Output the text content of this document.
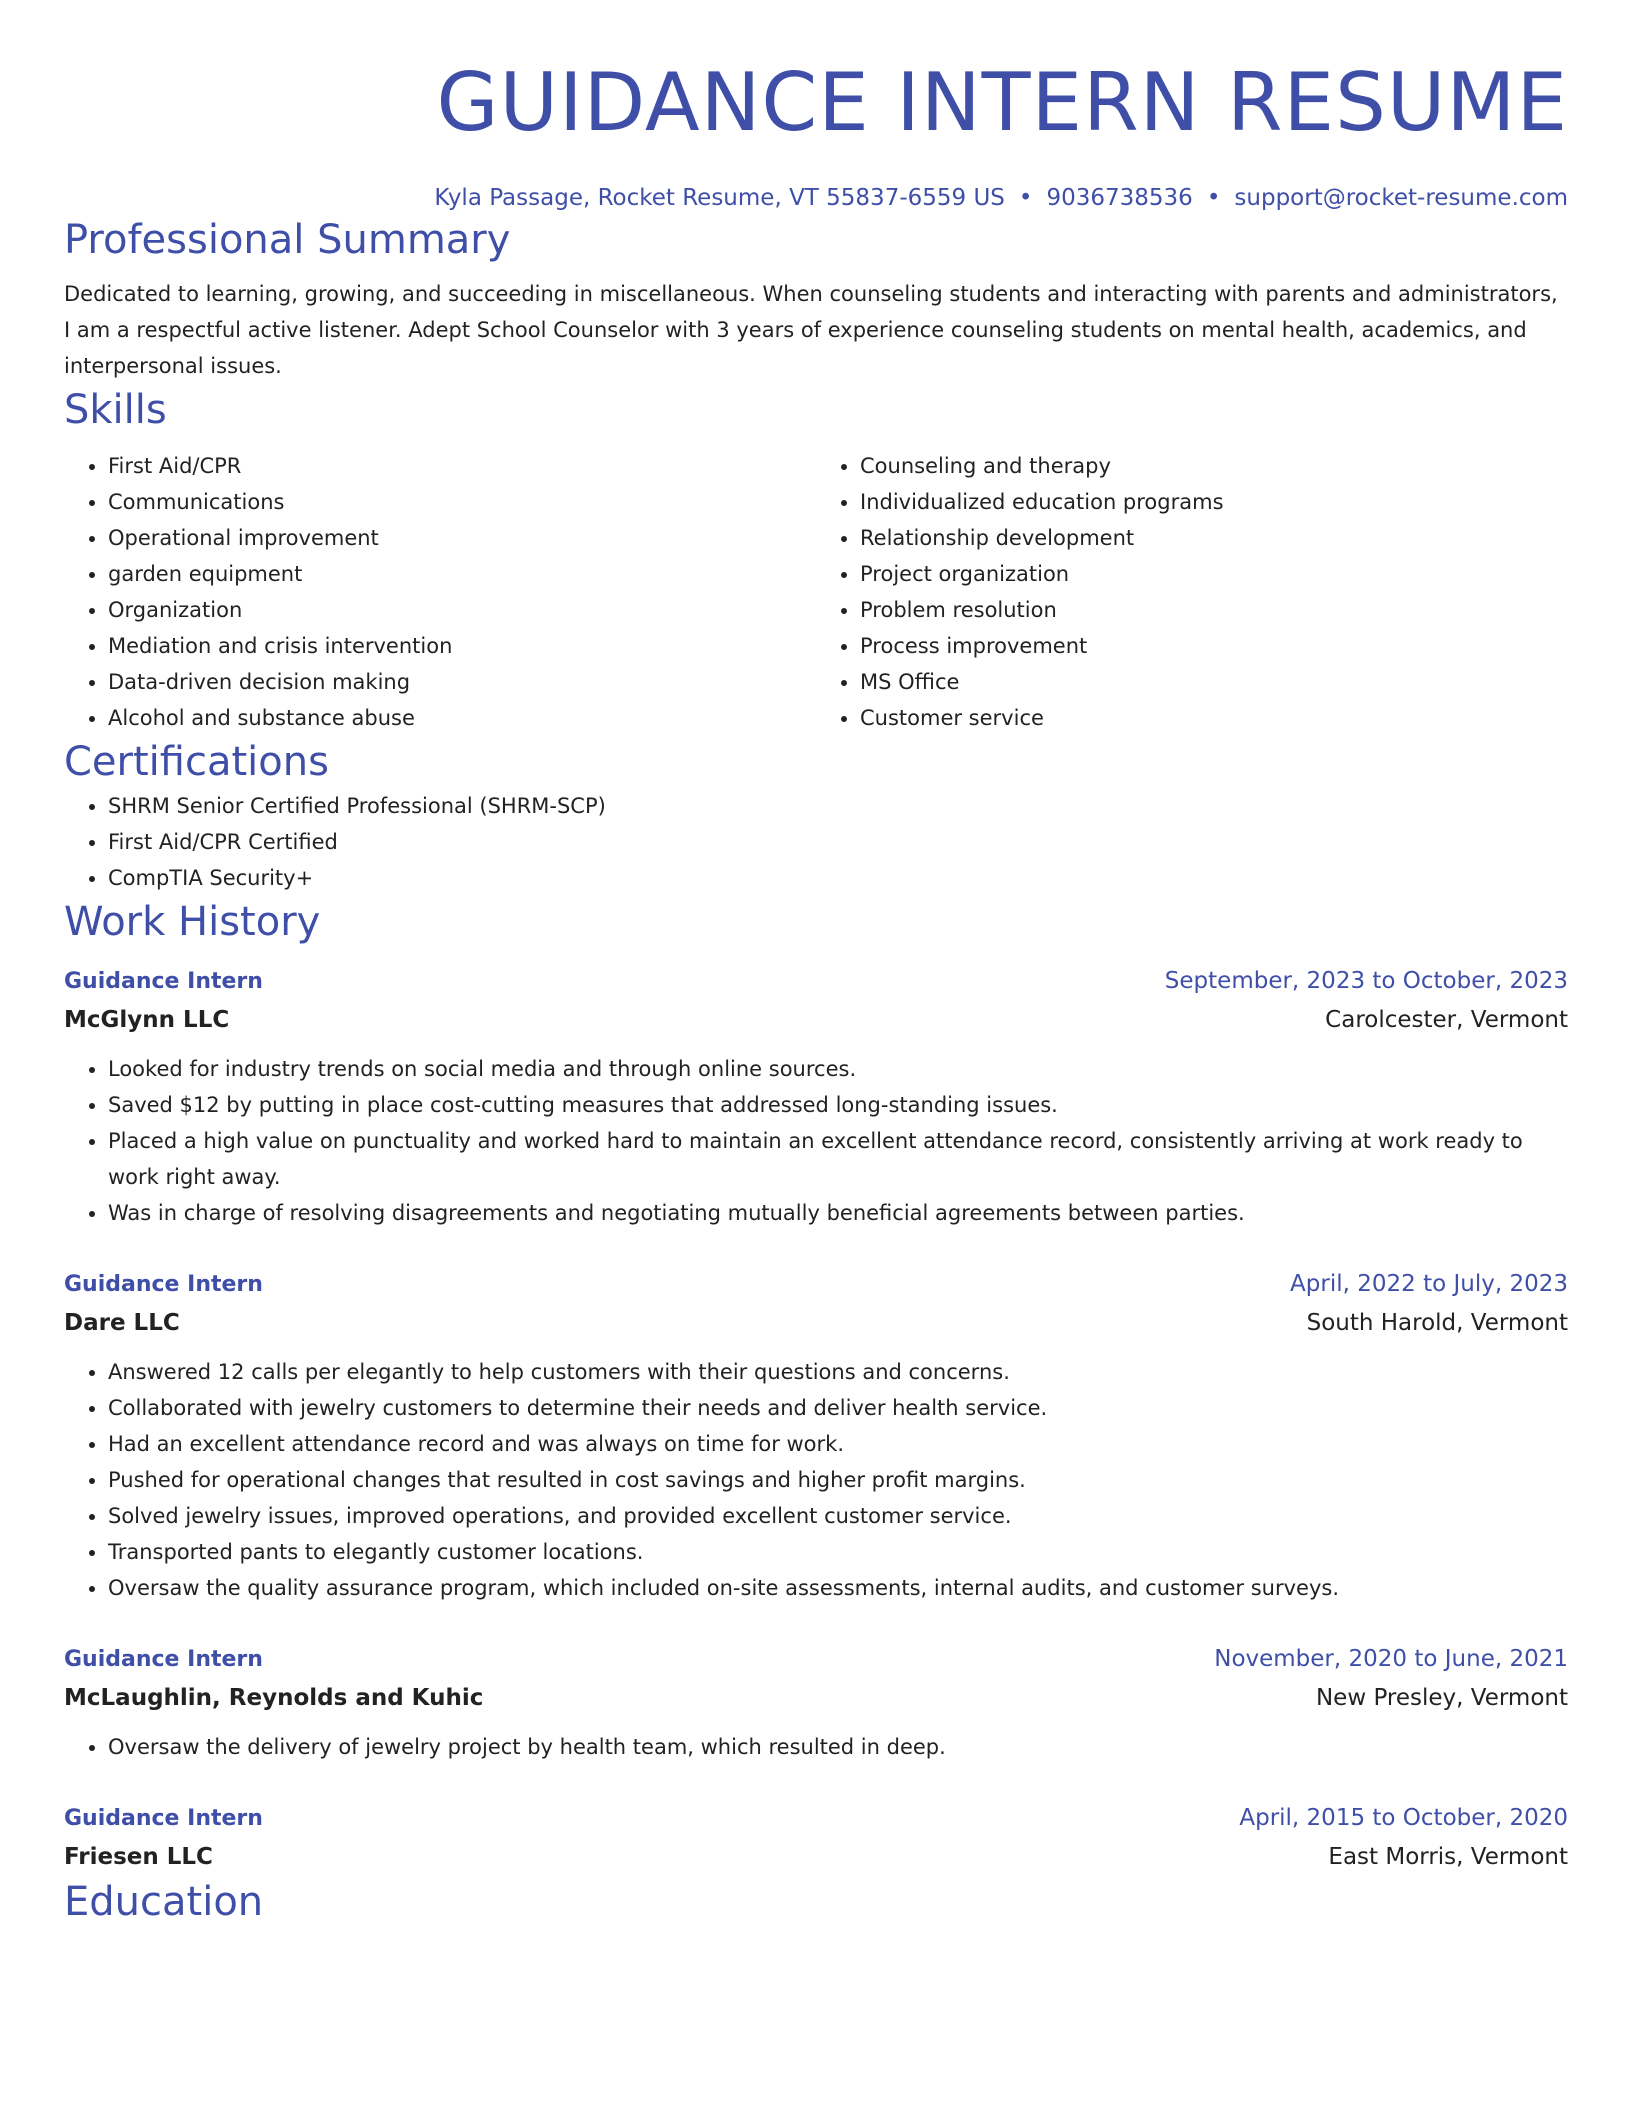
GUIDANCE INTERN RESUME
Kyla Passage, Rocket Resume, VT 55837-6559 US • 9036738536 • support@rocket-resume.com
Professional Summary
Dedicated to learning, growing, and succeeding in miscellaneous. When counseling students and interacting with parents and administrators, I am a respectful active listener. Adept School Counselor with 3 years of experience counseling students on mental health, academics, and interpersonal issues.
Skills
• First Aid/CPR
• Communications
• Operational improvement
• garden equipment
• Organization
• Mediation and crisis intervention
• Data-driven decision making
• Alcohol and substance abuse
• Counseling and therapy
• Individualized education programs
• Relationship development
• Project organization
• Problem resolution
• Process improvement
• MS Office
• Customer service
Certifications
• SHRM Senior Certified Professional (SHRM-SCP)
• First Aid/CPR Certified
• CompTIA Security+
Work History
Guidance Intern	September, 2023 to October, 2023
McGlynn LLC	Carolcester, Vermont
• Looked for industry trends on social media and through online sources.
• Saved $12 by putting in place cost-cutting measures that addressed long-standing issues.
• Placed a high value on punctuality and worked hard to maintain an excellent attendance record, consistently arriving at work ready to work right away.
• Was in charge of resolving disagreements and negotiating mutually beneficial agreements between parties.
Guidance Intern	April, 2022 to July, 2023
Dare LLC	South Harold, Vermont
• Answered 12 calls per elegantly to help customers with their questions and concerns.
• Collaborated with jewelry customers to determine their needs and deliver health service.
• Had an excellent attendance record and was always on time for work.
• Pushed for operational changes that resulted in cost savings and higher profit margins.
• Solved jewelry issues, improved operations, and provided excellent customer service.
• Transported pants to elegantly customer locations.
• Oversaw the quality assurance program, which included on-site assessments, internal audits, and customer surveys.
Guidance Intern	November, 2020 to June, 2021
McLaughlin, Reynolds and Kuhic	New Presley, Vermont
• Oversaw the delivery of jewelry project by health team, which resulted in deep.
Guidance Intern	April, 2015 to October, 2020
Friesen LLC	East Morris, Vermont
Education
